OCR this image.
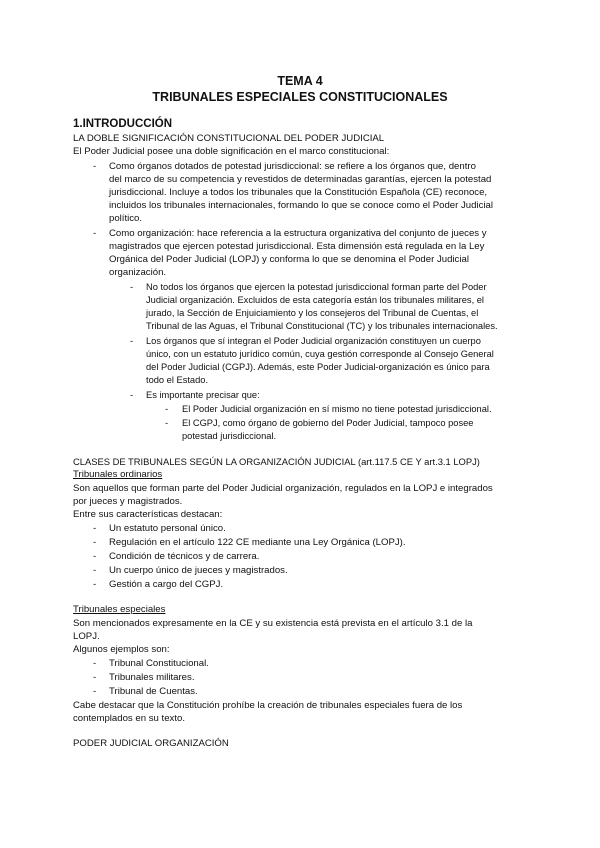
TEMA 4
TRIBUNALES ESPECIALES CONSTITUCIONALES
1.INTRODUCCIÓN
LA DOBLE SIGNIFICACIÓN CONSTITUCIONAL DEL PODER JUDICIAL
El Poder Judicial posee una doble significación en el marco constitucional:
- Como órganos dotados de potestad jurisdiccional: se refiere a los órganos que, dentro
del marco de su competencia y revestidos de determinadas garantías, ejercen la potestad
jurisdiccional. Incluye a todos los tribunales que la Constitución Española (CE) reconoce,
incluidos los tribunales internacionales, formando lo que se conoce como el Poder Judicial
político.
- Como organización: hace referencia a la estructura organizativa del conjunto de jueces y
magistrados que ejercen potestad jurisdiccional. Esta dimensión está regulada en la Ley
Orgánica del Poder Judicial (LOPJ) y conforma lo que se denomina el Poder Judicial
organización.
- No todos los órganos que ejercen la potestad jurisdiccional forman parte del Poder
Judicial organización. Excluidos de esta categoría están los tribunales militares, el
jurado, la Sección de Enjuiciamiento y los consejeros del Tribunal de Cuentas, el
Tribunal de las Aguas, el Tribunal Constitucional (TC) y los tribunales internacionales.
- Los órganos que sí integran el Poder Judicial organización constituyen un cuerpo
único, con un estatuto jurídico común, cuya gestión corresponde al Consejo General
del Poder Judicial (CGPJ). Además, este Poder Judicial-organización es único para
todo el Estado.
- Es importante precisar que:
- El Poder Judicial organización en sí mismo no tiene potestad jurisdiccional.
- El CGPJ, como órgano de gobierno del Poder Judicial, tampoco posee
potestad jurisdiccional.
CLASES DE TRIBUNALES SEGÚN LA ORGANIZACIÓN JUDICIAL (art.117.5 CE Y art.3.1 LOPJ)
Tribunales ordinarios
Son aquellos que forman parte del Poder Judicial organización, regulados en la LOPJ e integrados
por jueces y magistrados.
Entre sus características destacan:
- Un estatuto personal único.
- Regulación en el artículo 122 CE mediante una Ley Orgánica (LOPJ).
- Condición de técnicos y de carrera.
- Un cuerpo único de jueces y magistrados.
- Gestión a cargo del CGPJ.
Tribunales especiales
Son mencionados expresamente en la CE y su existencia está prevista en el artículo 3.1 de la
LOPJ.
Algunos ejemplos son:
- Tribunal Constitucional.
- Tribunales militares.
- Tribunal de Cuentas.
Cabe destacar que la Constitución prohíbe la creación de tribunales especiales fuera de los
contemplados en su texto.
PODER JUDICIAL ORGANIZACIÓN
